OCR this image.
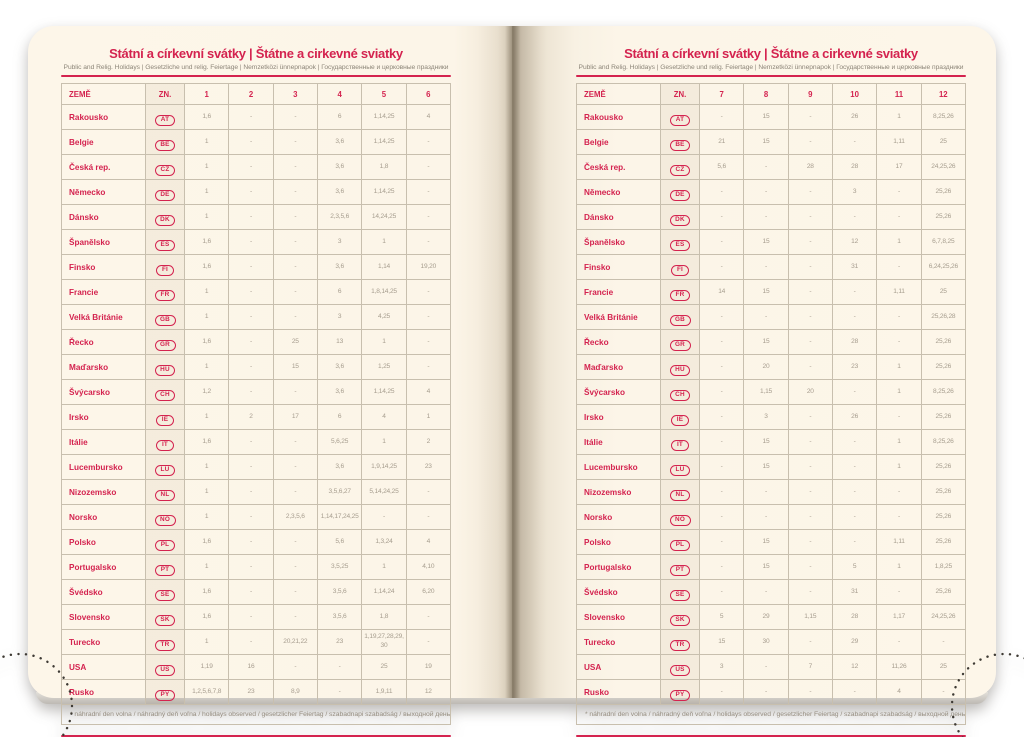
Státní a církevní svátky | Štátne a cirkevné sviatky
Public and Relig. Holidays | Gesetzliche und relig. Feiertage | Nemzetközi ünnepnapok | Государственные и церковные праздники
ZEMĚ	ZN.	1	2	3	4	5	6
Rakousko	AT	1, 6	-	-	6	1, 14, 25	4
Belgie	BE	1	-	-	3, 6	1, 14, 25	-
Česká rep.	CZ	1	-	-	3, 6	1, 8	-
Německo	DE	1	-	-	3, 6	1, 14, 25	-
Dánsko	DK	1	-	-	2, 3, 5, 6	14, 24, 25	-
Španělsko	ES	1, 6	-	-	3	1	-
Finsko	FI	1, 6	-	-	3, 6	1, 14	19, 20
Francie	FR	1	-	-	6	1, 8, 14, 25	-
Velká Británie	GB	1	-	-	3	4, 25	-
Řecko	GR	1, 6	-	25	13	1	-
Maďarsko	HU	1	-	15	3, 6	1, 25	-
Švýcarsko	CH	1, 2	-	-	3, 6	1, 14, 25	4
Irsko	IE	1	2	17	6	4	1
Itálie	IT	1, 6	-	-	5, 6, 25	1	2
Lucembursko	LU	1	-	-	3, 6	1, 9, 14, 25	23
Nizozemsko	NL	1	-	-	3, 5, 6, 27	5, 14, 24, 25	-
Norsko	NO	1	-	2, 3, 5, 6	1, 14, 17, 24, 25	-	-
Polsko	PL	1, 6	-	-	5, 6	1, 3, 24	4
Portugalsko	PT	1	-	-	3, 5, 25	1	4, 10
Švédsko	SE	1, 6	-	-	3, 5, 6	1, 14, 24	6, 20
Slovensko	SK	1, 6	-	-	3, 5, 6	1, 8	-
Turecko	TR	1	-	20, 21, 22	23	1, 19, 27, 28, 29, 30	-
USA	US	1, 19	16	-	-	25	19
Rusko	PY	1, 2, 5, 6, 7, 8	23	8, 9	-	1, 9, 11	12
* náhradní den volna / náhradný deň voľna / holidays observed / gesetzlicher Feiertag / szabadnapi szabadság / выходной день							
Státní a církevní svátky | Štátne a cirkevné sviatky
Public and Relig. Holidays | Gesetzliche und relig. Feiertage | Nemzetközi ünnepnapok | Государственные и церковные праздники
ZEMĚ	ZN.	7	8	9	10	11	12
Rakousko	AT	-	15	-	26	1	8, 25, 26
Belgie	BE	21	15	-	-	1, 11	25
Česká rep.	CZ	5, 6	-	28	28	17	24, 25, 26
Německo	DE	-	-	-	3	-	25, 26
Dánsko	DK	-	-	-	-	-	25, 26
Španělsko	ES	-	15	-	12	1	6, 7, 8, 25
Finsko	FI	-	-	-	31	-	6, 24, 25, 26
Francie	FR	14	15	-	-	1, 11	25
Velká Británie	GB	-	-	-	-	-	25, 26, 28
Řecko	GR	-	15	-	28	-	25, 26
Maďarsko	HU	-	20	-	23	1	25, 26
Švýcarsko	CH	-	1, 15	20	-	1	8, 25, 26
Irsko	IE	-	3	-	26	-	25, 26
Itálie	IT	-	15	-	-	1	8, 25, 26
Lucembursko	LU	-	15	-	-	1	25, 26
Nizozemsko	NL	-	-	-	-	-	25, 26
Norsko	NO	-	-	-	-	-	25, 26
Polsko	PL	-	15	-	-	1, 11	25, 26
Portugalsko	PT	-	15	-	5	1	1, 8, 25
Švédsko	SE	-	-	-	31	-	25, 26
Slovensko	SK	5	29	1, 15	28	1, 17	24, 25, 26
Turecko	TR	15	30	-	29	-	-
USA	US	3	-	7	12	11, 26	25
Rusko	PY	-	-	-	-	4	-
* náhradní den volna / náhradný deň voľna / holidays observed / gesetzlicher Feiertag / szabadnapi szabadság / выходной день							
